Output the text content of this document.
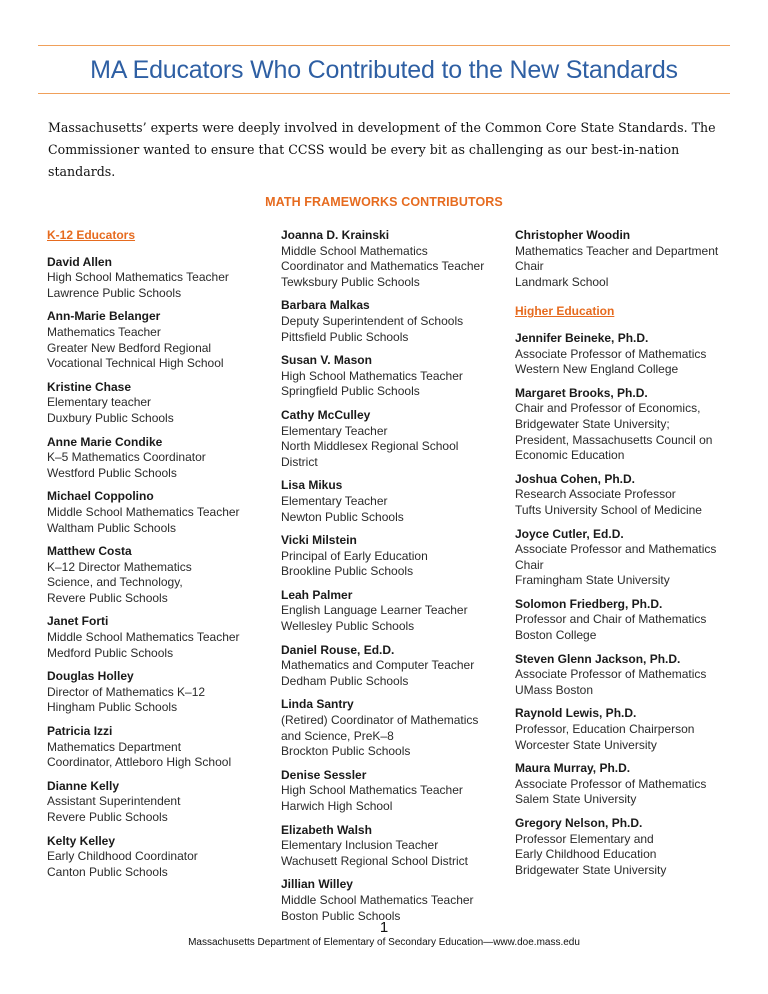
MA Educators Who Contributed to the New Standards
Massachusetts’ experts were deeply involved in development of the Common Core State Standards. The Commissioner wanted to ensure that CCSS would be every bit as challenging as our best-in-nation standards.
MATH FRAMEWORKS CONTRIBUTORS
K-12 Educators
David Allen
High School Mathematics Teacher
Lawrence Public Schools
Ann-Marie Belanger
Mathematics Teacher
Greater New Bedford Regional
Vocational Technical High School
Kristine Chase
Elementary teacher
Duxbury Public Schools
Anne Marie Condike
K–5 Mathematics Coordinator
Westford Public Schools
Michael Coppolino
Middle School Mathematics Teacher
Waltham Public Schools
Matthew Costa
K–12 Director Mathematics
Science, and Technology,
Revere Public Schools
Janet Forti
Middle School Mathematics Teacher
Medford Public Schools
Douglas Holley
Director of Mathematics K–12
Hingham Public Schools
Patricia Izzi
Mathematics Department
Coordinator, Attleboro High School
Dianne Kelly
Assistant Superintendent
Revere Public Schools
Kelty Kelley
Early Childhood Coordinator
Canton Public Schools
Joanna D. Krainski
Middle School Mathematics
Coordinator and Mathematics Teacher
Tewksbury Public Schools
Barbara Malkas
Deputy Superintendent of Schools
Pittsfield Public Schools
Susan V. Mason
High School Mathematics Teacher
Springfield Public Schools
Cathy McCulley
Elementary Teacher
North Middlesex Regional School District
Lisa Mikus
Elementary Teacher
Newton Public Schools
Vicki Milstein
Principal of Early Education
Brookline Public Schools
Leah Palmer
English Language Learner Teacher
Wellesley Public Schools
Daniel Rouse, Ed.D.
Mathematics and Computer Teacher
Dedham Public Schools
Linda Santry
(Retired) Coordinator of Mathematics
and Science, PreK–8
Brockton Public Schools
Denise Sessler
High School Mathematics Teacher
Harwich High School
Elizabeth Walsh
Elementary Inclusion Teacher
Wachusett Regional School District
Jillian Willey
Middle School Mathematics Teacher
Boston Public Schools
Christopher Woodin
Mathematics Teacher and Department
Chair
Landmark School
Higher Education
Jennifer Beineke, Ph.D.
Associate Professor of Mathematics
Western New England College
Margaret Brooks, Ph.D.
Chair and Professor of Economics,
Bridgewater State University;
President, Massachusetts Council on
Economic Education
Joshua Cohen, Ph.D.
Research Associate Professor
Tufts University School of Medicine
Joyce Cutler, Ed.D.
Associate Professor and Mathematics
Chair
Framingham State University
Solomon Friedberg, Ph.D.
Professor and Chair of Mathematics
Boston College
Steven Glenn Jackson, Ph.D.
Associate Professor of Mathematics
UMass Boston
Raynold Lewis, Ph.D.
Professor, Education Chairperson
Worcester State University
Maura Murray, Ph.D.
Associate Professor of Mathematics
Salem State University
Gregory Nelson, Ph.D.
Professor Elementary and
Early Childhood Education
Bridgewater State University
1
Massachusetts Department of Elementary of Secondary Education—www.doe.mass.edu
